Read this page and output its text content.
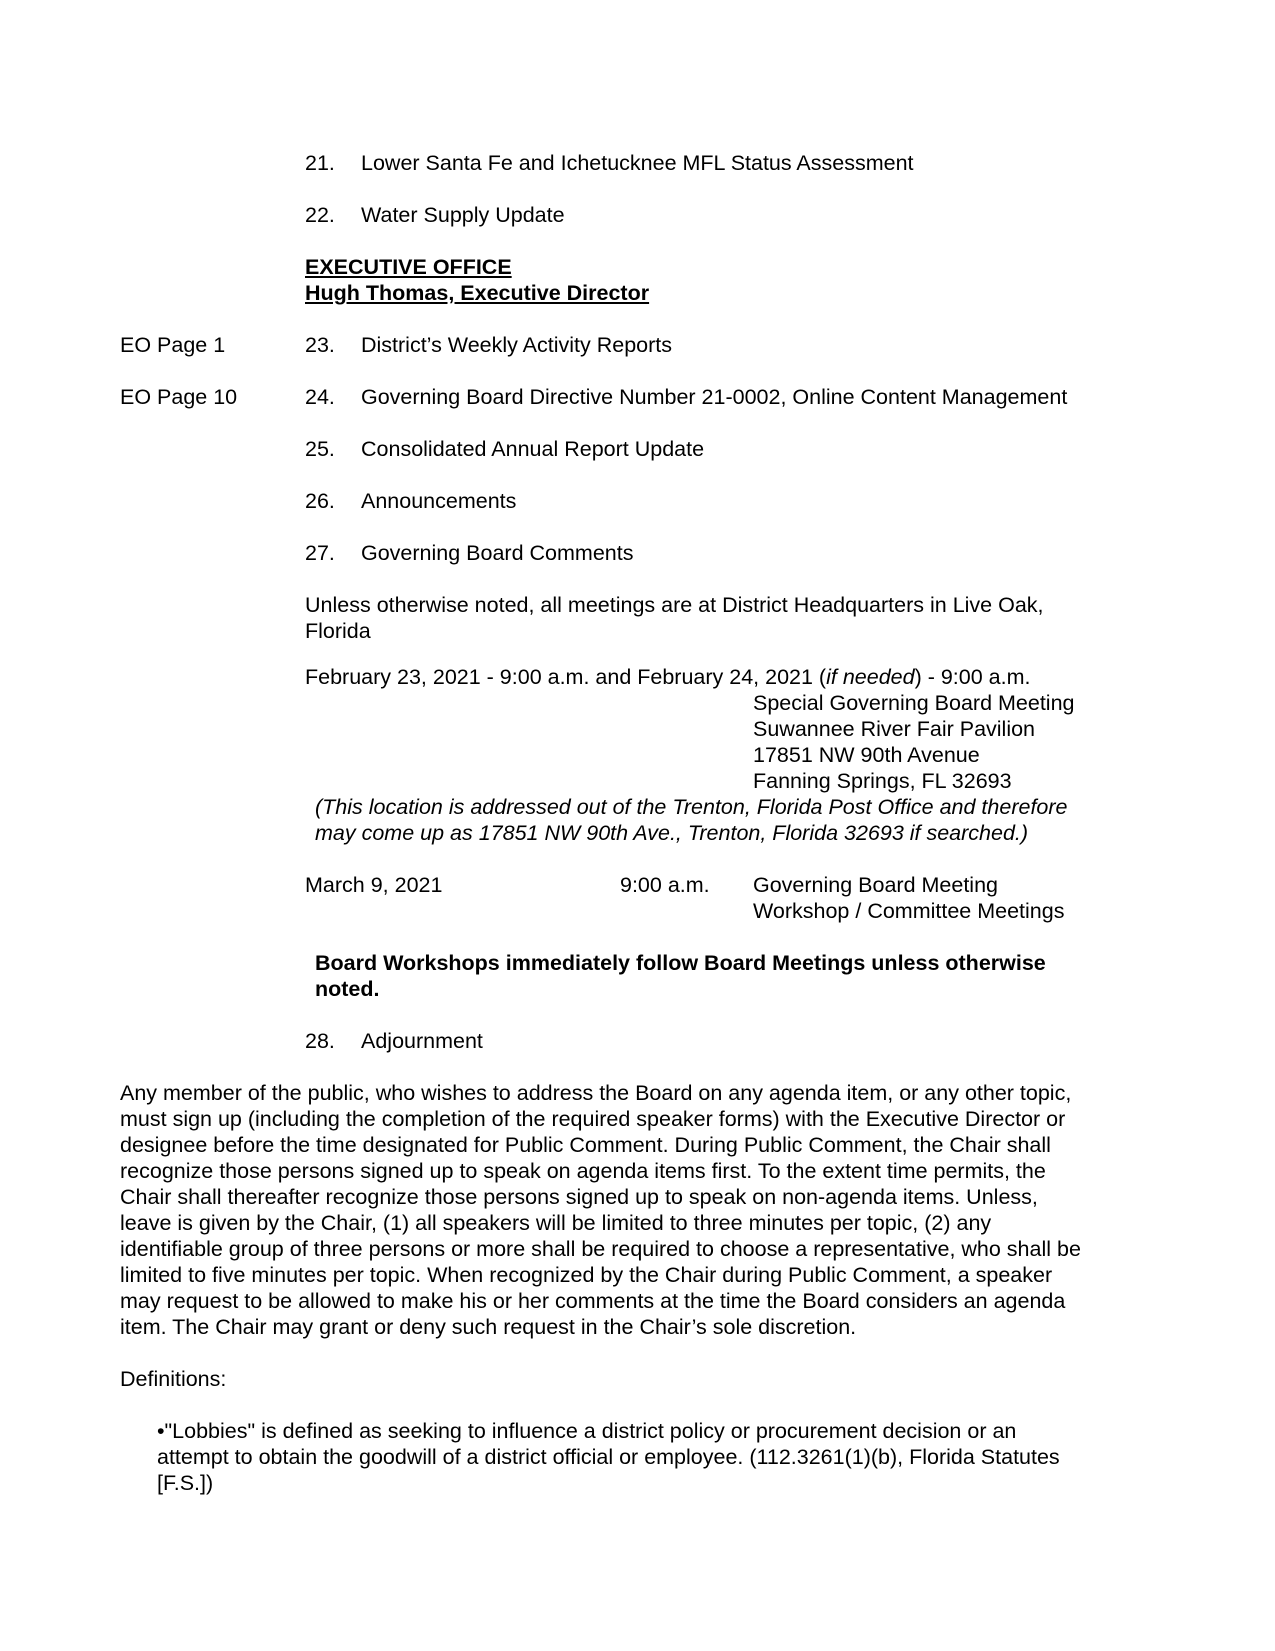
21. Lower Santa Fe and Ichetucknee MFL Status Assessment

22. Water Supply Update

EXECUTIVE OFFICE

Hugh Thomas, Executive Director

EO Page 1	23. District’s Weekly Activity Reports

EO Page 10	24. Governing Board Directive Number 21-0002, Online Content Management

25. Consolidated Annual Report Update

26. Announcements

27. Governing Board Comments

Unless otherwise noted, all meetings are at District Headquarters in Live Oak,

Florida

February 23, 2021 - 9:00 a.m. and February 24, 2021 (if needed) - 9:00 a.m.

Special Governing Board Meeting

Suwannee River Fair Pavilion

17851 NW 90th Avenue

Fanning Springs, FL 32693

(This location is addressed out of the Trenton, Florida Post Office and therefore

may come up as 17851 NW 90th Ave., Trenton, Florida 32693 if searched.)

March 9, 2021	9:00 a.m. Governing Board Meeting

Workshop / Committee Meetings

Board Workshops immediately follow Board Meetings unless otherwise

noted.

28. Adjournment

Any member of the public, who wishes to address the Board on any agenda item, or any other topic,

must sign up (including the completion of the required speaker forms) with the Executive Director or

designee before the time designated for Public Comment. During Public Comment, the Chair shall

recognize those persons signed up to speak on agenda items first. To the extent time permits, the

Chair shall thereafter recognize those persons signed up to speak on non-agenda items. Unless,

leave is given by the Chair, (1) all speakers will be limited to three minutes per topic, (2) any

identifiable group of three persons or more shall be required to choose a representative, who shall be

limited to five minutes per topic. When recognized by the Chair during Public Comment, a speaker

may request to be allowed to make his or her comments at the time the Board considers an agenda

item. The Chair may grant or deny such request in the Chair’s sole discretion.

Definitions:

•"Lobbies" is defined as seeking to influence a district policy or procurement decision or an

attempt to obtain the goodwill of a district official or employee. (112.3261(1)(b), Florida Statutes

[F.S.])
